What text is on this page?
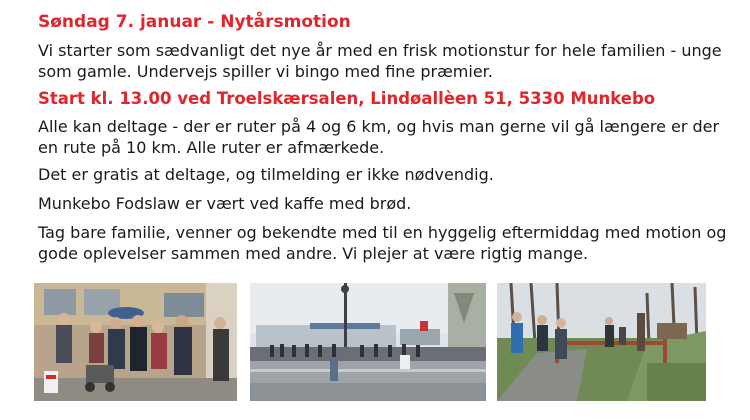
Søndag 7. januar - Nytårsmotion

Vi starter som sædvanligt det nye år med en frisk motionstur for hele familien - unge som gamle. Undervejs spiller vi bingo med fine præmier.

Start kl. 13.00 ved Troelskærsalen, Lindøallèen 51, 5330 Munkebo

Alle kan deltage - der er ruter på 4 og 6 km, og hvis man gerne vil gå længere er der en rute på 10 km. Alle ruter er afmærkede.

Det er gratis at deltage, og tilmelding er ikke nødvendig.

Munkebo Fodslaw er vært ved kaffe med brød.

Tag bare familie, venner og bekendte med til en hyggelig eftermiddag med motion og gode oplevelser sammen med andre. Vi plejer at være rigtig mange.
